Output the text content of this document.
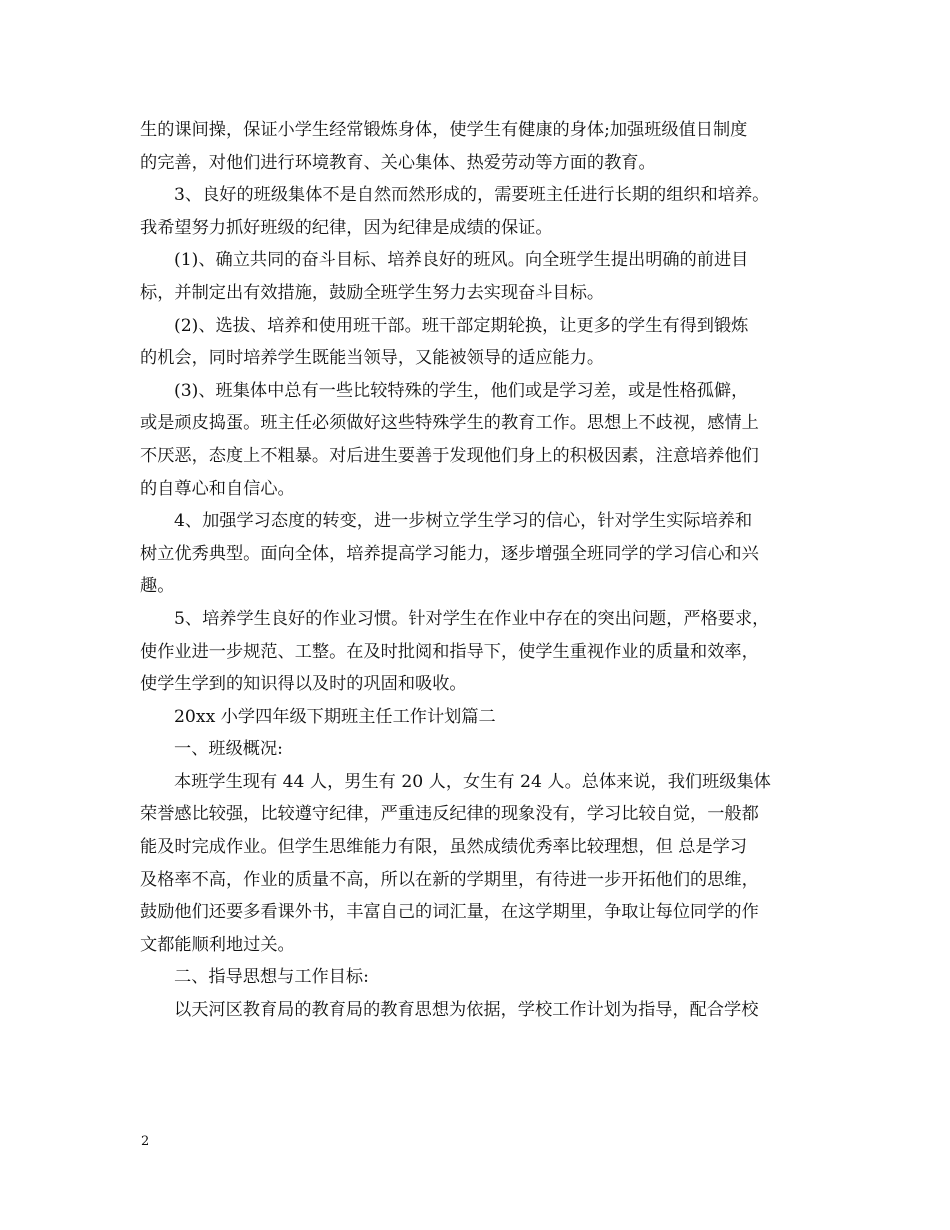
生的课间操，保证小学生经常锻炼身体，使学生有健康的身体;加强班级值日制度
的完善，对他们进行环境教育、关心集体、热爱劳动等方面的教育。
3、良好的班级集体不是自然而然形成的，需要班主任进行长期的组织和培养。
我希望努力抓好班级的纪律，因为纪律是成绩的保证。
(1)、确立共同的奋斗目标、培养良好的班风。向全班学生提出明确的前进目
标，并制定出有效措施，鼓励全班学生努力去实现奋斗目标。
(2)、选拔、培养和使用班干部。班干部定期轮换，让更多的学生有得到锻炼
的机会，同时培养学生既能当领导，又能被领导的适应能力。
(3)、班集体中总有一些比较特殊的学生，他们或是学习差，或是性格孤僻，
或是顽皮捣蛋。班主任必须做好这些特殊学生的教育工作。思想上不歧视，感情上
不厌恶，态度上不粗暴。对后进生要善于发现他们身上的积极因素，注意培养他们
的自尊心和自信心。
4、加强学习态度的转变，进一步树立学生学习的信心，针对学生实际培养和
树立优秀典型。面向全体，培养提高学习能力，逐步增强全班同学的学习信心和兴
趣。
5、培养学生良好的作业习惯。针对学生在作业中存在的突出问题，严格要求，
使作业进一步规范、工整。在及时批阅和指导下，使学生重视作业的质量和效率，
使学生学到的知识得以及时的巩固和吸收。
20xx 小学四年级下期班主任工作计划篇二
一、班级概况:
本班学生现有 44 人，男生有 20 人，女生有 24 人。总体来说，我们班级集体
荣誉感比较强，比较遵守纪律，严重违反纪律的现象没有，学习比较自觉，一般都
能及时完成作业。但学生思维能力有限，虽然成绩优秀率比较理想，但 总是学习
及格率不高，作业的质量不高，所以在新的学期里，有待进一步开拓他们的思维，
鼓励他们还要多看课外书，丰富自己的词汇量，在这学期里，争取让每位同学的作
文都能顺利地过关。
二、指导思想与工作目标:
以天河区教育局的教育局的教育思想为依据，学校工作计划为指导，配合学校
2
